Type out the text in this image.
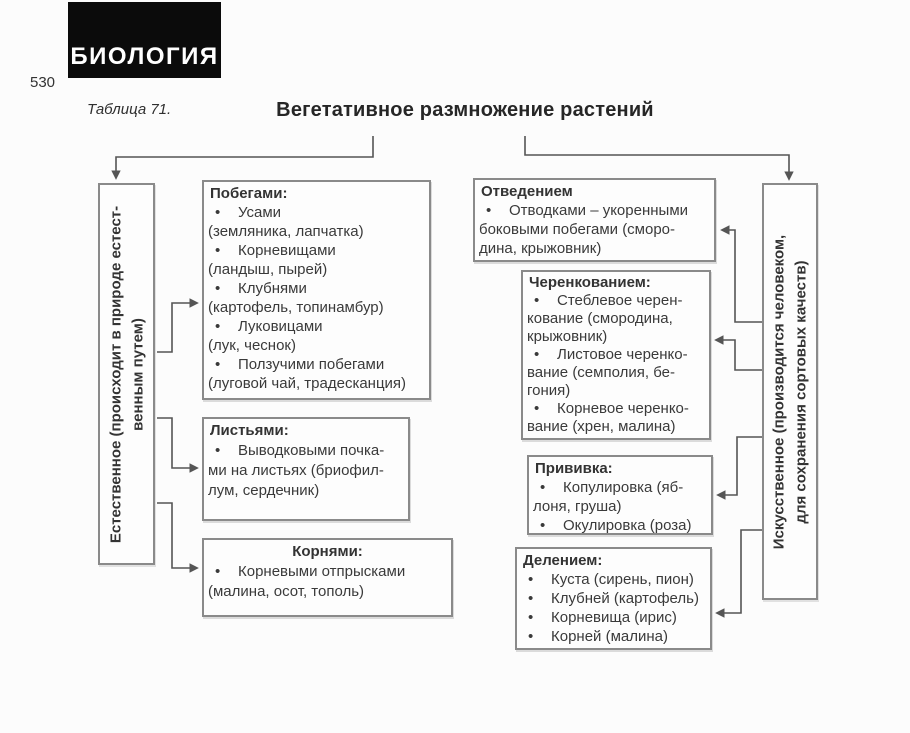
БИОЛОГИЯ
530
Таблица 71.	Вегетативное размножение растений
Естественное (происходит в природе естест- венным путем)	Искусственное (производится человеком, для сохранения сортовых качеств)
Побегами:
• Усами
(земляника, лапчатка)
• Корневищами
(ландыш, пырей)
• Клубнями
(картофель, топинамбур)
• Луковицами
(лук, чеснок)
• Ползучими побегами
(луговой чай, традесканция)
Листьями:
• Выводковыми почка-
ми на листьях (бриофил-
лум, сердечник)
Корнями:
• Корневыми отпрысками
(малина, осот, тополь)
Отведением
• Отводками – укоренными
боковыми побегами (сморо-
дина, крыжовник)
Черенкованием:
• Стеблевое черен-
кование (смородина,
крыжовник)
• Листовое черенко-
вание (семполия, бе-
гония)
• Корневое черенко-
вание (хрен, малина)
Прививка:
• Копулировка (яб-
лоня, груша)
• Окулировка (роза)
Делением:
• Куста (сирень, пион)
• Клубней (картофель)
• Корневища (ирис)
• Корней (малина)
